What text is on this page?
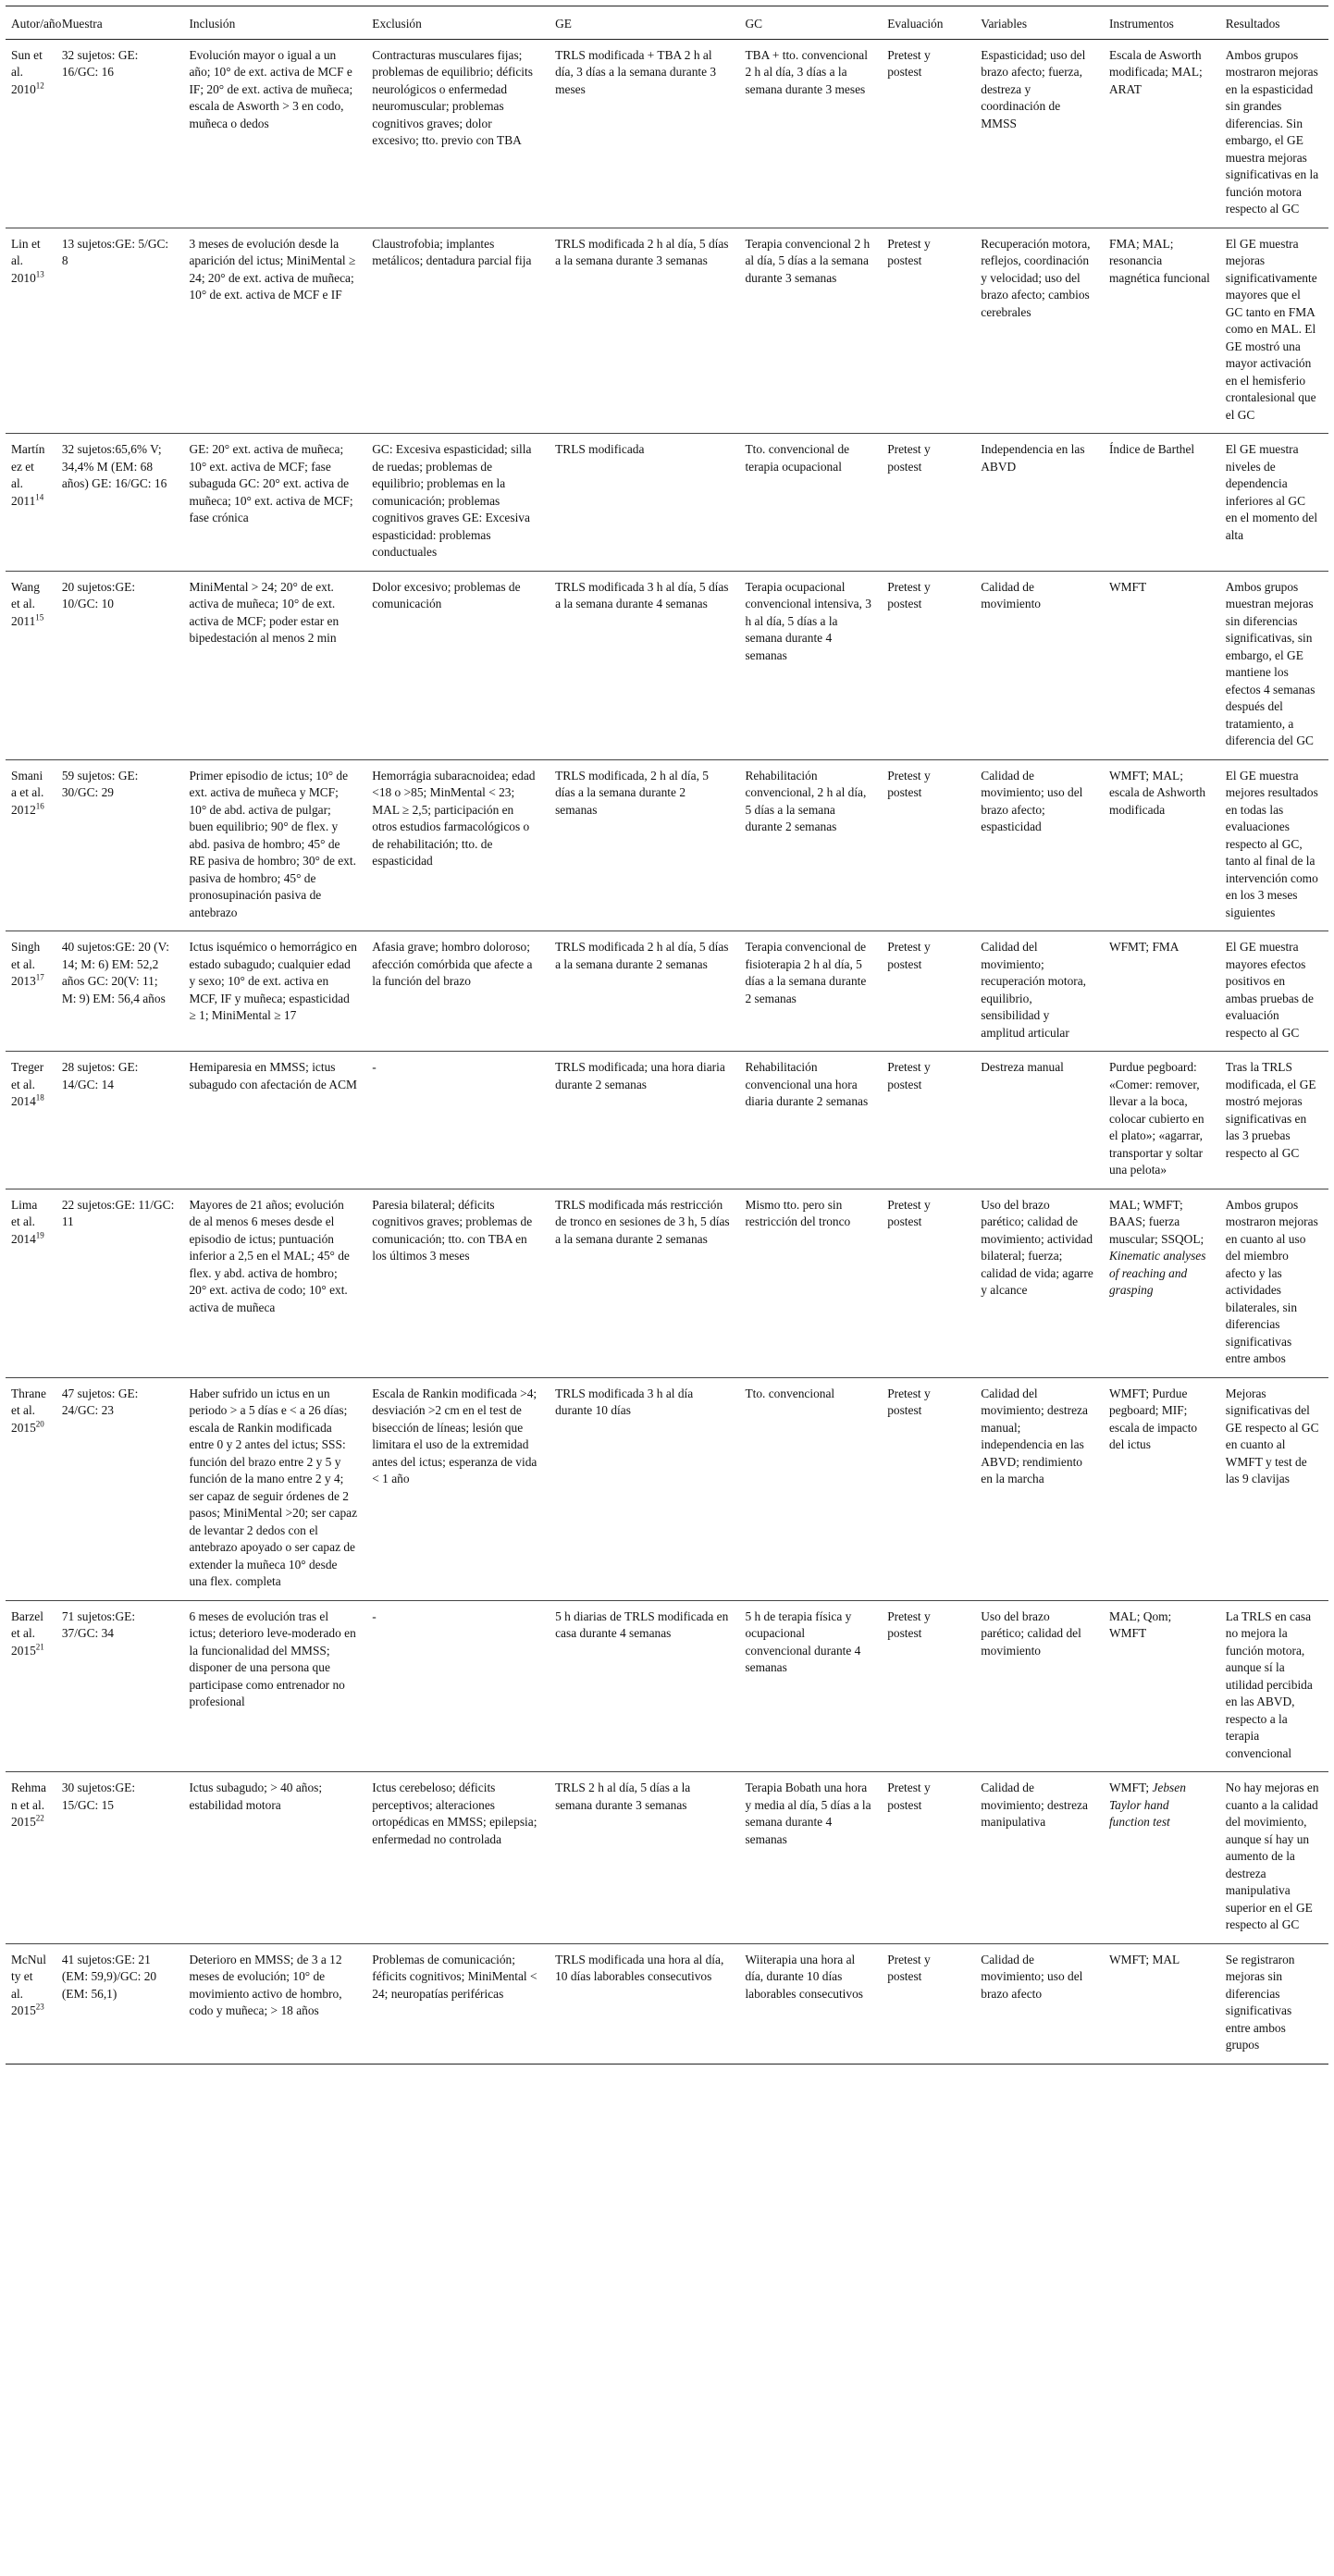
Autor/año	Muestra	Inclusión	Exclusión	GE	GC	Evaluación	Variables	Instrumentos	Resultados
Sun et al. 2010$^{12}$	32 sujetos: GE: 16/GC: 16	Evolución mayor o igual a un año; 10° de ext. activa de MCF e IF; 20° de ext. activa de muñeca; escala de Asworth > 3 en codo, muñeca o dedos	Contracturas musculares fijas; problemas de equilibrio; déficits neurológicos o enfermedad neuromuscular; problemas cognitivos graves; dolor excesivo; tto. previo con TBA	TRLS modificada + TBA 2 h al día, 3 días a la semana durante 3 meses	TBA + tto. convencional 2 h al día, 3 días a la semana durante 3 meses	Pretest y postest	Espasticidad; uso del brazo afecto; fuerza, destreza y coordinación de MMSS	Escala de Asworth modificada; MAL; ARAT	Ambos grupos mostraron mejoras en la espasticidad sin grandes diferencias. Sin embargo, el GE muestra mejoras significativas en la función motora respecto al GC
Lin et al. 2010$^{13}$	13 sujetos:GE: 5/GC: 8	3 meses de evolución desde la aparición del ictus; MiniMental ≥ 24; 20° de ext. activa de muñeca; 10° de ext. activa de MCF e IF	Claustrofobia; implantes metálicos; dentadura parcial fija	TRLS modificada 2 h al día, 5 días a la semana durante 3 semanas	Terapia convencional 2 h al día, 5 días a la semana durante 3 semanas	Pretest y postest	Recuperación motora, reflejos, coordinación y velocidad; uso del brazo afecto; cambios cerebrales	FMA; MAL; resonancia magnética funcional	El GE muestra mejoras significativamente mayores que el GC tanto en FMA como en MAL. El GE mostró una mayor activación en el hemisferio crontalesional que el GC
Martínez et al. 2011$^{14}$	32 sujetos:65,6% V; 34,4% M (EM: 68 años) GE: 16/GC: 16	GE: 20° ext. activa de muñeca; 10° ext. activa de MCF; fase subaguda GC: 20° ext. activa de muñeca; 10° ext. activa de MCF; fase crónica	GC: Excesiva espasticidad; silla de ruedas; problemas de equilibrio; problemas en la comunicación; problemas cognitivos graves GE: Excesiva espasticidad: problemas conductuales	TRLS modificada	Tto. convencional de terapia ocupacional	Pretest y postest	Independencia en las ABVD	Índice de Barthel	El GE muestra niveles de dependencia inferiores al GC en el momento del alta
Wang et al. 2011$^{15}$	20 sujetos:GE: 10/GC: 10	MiniMental > 24; 20° de ext. activa de muñeca; 10° de ext. activa de MCF; poder estar en bipedestación al menos 2 min	Dolor excesivo; problemas de comunicación	TRLS modificada 3 h al día, 5 días a la semana durante 4 semanas	Terapia ocupacional convencional intensiva, 3 h al día, 5 días a la semana durante 4 semanas	Pretest y postest	Calidad de movimiento	WMFT	Ambos grupos muestran mejoras sin diferencias significativas, sin embargo, el GE mantiene los efectos 4 semanas después del tratamiento, a diferencia del GC
Smania et al. 2012$^{16}$	59 sujetos: GE: 30/GC: 29	Primer episodio de ictus; 10° de ext. activa de muñeca y MCF; 10° de abd. activa de pulgar; buen equilibrio; 90° de flex. y abd. pasiva de hombro; 45° de RE pasiva de hombro; 30° de ext. pasiva de hombro; 45° de pronosupinación pasiva de antebrazo	Hemorrágia subaracnoidea; edad <18 o >85; MinMental < 23; MAL ≥ 2,5; participación en otros estudios farmacológicos o de rehabilitación; tto. de espasticidad	TRLS modificada, 2 h al día, 5 días a la semana durante 2 semanas	Rehabilitación convencional, 2 h al día, 5 días a la semana durante 2 semanas	Pretest y postest	Calidad de movimiento; uso del brazo afecto; espasticidad	WMFT; MAL; escala de Ashworth modificada	El GE muestra mejores resultados en todas las evaluaciones respecto al GC, tanto al final de la intervención como en los 3 meses siguientes
Singh et al. 2013$^{17}$	40 sujetos:GE: 20 (V: 14; M: 6) EM: 52,2 años GC: 20(V: 11; M: 9) EM: 56,4 años	Ictus isquémico o hemorrágico en estado subagudo; cualquier edad y sexo; 10° de ext. activa en MCF, IF y muñeca; espasticidad ≥ 1; MiniMental ≥ 17	Afasia grave; hombro doloroso; afección comórbida que afecte a la función del brazo	TRLS modificada 2 h al día, 5 días a la semana durante 2 semanas	Terapia convencional de fisioterapia 2 h al día, 5 días a la semana durante 2 semanas	Pretest y postest	Calidad del movimiento; recuperación motora, equilibrio, sensibilidad y amplitud articular	WFMT; FMA	El GE muestra mayores efectos positivos en ambas pruebas de evaluación respecto al GC
Treger et al. 2014$^{18}$	28 sujetos: GE: 14/GC: 14	Hemiparesia en MMSS; ictus subagudo con afectación de ACM	-	TRLS modificada; una hora diaria durante 2 semanas	Rehabilitación convencional una hora diaria durante 2 semanas	Pretest y postest	Destreza manual	Purdue pegboard: «Comer: remover, llevar a la boca, colocar cubierto en el plato»; «agarrar, transportar y soltar una pelota»	Tras la TRLS modificada, el GE mostró mejoras significativas en las 3 pruebas respecto al GC
Lima et al. 2014$^{19}$	22 sujetos:GE: 11/GC: 11	Mayores de 21 años; evolución de al menos 6 meses desde el episodio de ictus; puntuación inferior a 2,5 en el MAL; 45° de flex. y abd. activa de hombro; 20° ext. activa de codo; 10° ext. activa de muñeca	Paresia bilateral; déficits cognitivos graves; problemas de comunicación; tto. con TBA en los últimos 3 meses	TRLS modificada más restricción de tronco en sesiones de 3 h, 5 días a la semana durante 2 semanas	Mismo tto. pero sin restricción del tronco	Pretest y postest	Uso del brazo parético; calidad de movimiento; actividad bilateral; fuerza; calidad de vida; agarre y alcance	MAL; WMFT; BAAS; fuerza muscular; SSQOL; Kinematic analyses of reaching and grasping	Ambos grupos mostraron mejoras en cuanto al uso del miembro afecto y las actividades bilaterales, sin diferencias significativas entre ambos
Thrane et al. 2015$^{20}$	47 sujetos: GE: 24/GC: 23	Haber sufrido un ictus en un periodo > a 5 días e < a 26 días; escala de Rankin modificada entre 0 y 2 antes del ictus; SSS: función del brazo entre 2 y 5 y función de la mano entre 2 y 4; ser capaz de seguir órdenes de 2 pasos; MiniMental >20; ser capaz de levantar 2 dedos con el antebrazo apoyado o ser capaz de extender la muñeca 10° desde una flex. completa	Escala de Rankin modificada >4; desviación >2 cm en el test de bisección de líneas; lesión que limitara el uso de la extremidad antes del ictus; esperanza de vida < 1 año	TRLS modificada 3 h al día durante 10 días	Tto. convencional	Pretest y postest	Calidad del movimiento; destreza manual; independencia en las ABVD; rendimiento en la marcha	WMFT; Purdue pegboard; MIF; escala de impacto del ictus	Mejoras significativas del GE respecto al GC en cuanto al WMFT y test de las 9 clavijas
Barzel et al. 2015$^{21}$	71 sujetos:GE: 37/GC: 34	6 meses de evolución tras el ictus; deterioro leve-moderado en la funcionalidad del MMSS; disponer de una persona que participase como entrenador no profesional	-	5 h diarias de TRLS modificada en casa durante 4 semanas	5 h de terapia física y ocupacional convencional durante 4 semanas	Pretest y postest	Uso del brazo parético; calidad del movimiento	MAL; Qom; WMFT	La TRLS en casa no mejora la función motora, aunque sí la utilidad percibida en las ABVD, respecto a la terapia convencional
Rehman et al. 2015$^{22}$	30 sujetos:GE: 15/GC: 15	Ictus subagudo; > 40 años; estabilidad motora	Ictus cerebeloso; déficits perceptivos; alteraciones ortopédicas en MMSS; epilepsia; enfermedad no controlada	TRLS 2 h al día, 5 días a la semana durante 3 semanas	Terapia Bobath una hora y media al día, 5 días a la semana durante 4 semanas	Pretest y postest	Calidad de movimiento; destreza manipulativa	WMFT; Jebsen Taylor hand function test	No hay mejoras en cuanto a la calidad del movimiento, aunque sí hay un aumento de la destreza manipulativa superior en el GE respecto al GC
McNulty et al. 2015$^{23}$	41 sujetos:GE: 21 (EM: 59,9)/GC: 20 (EM: 56,1)	Deterioro en MMSS; de 3 a 12 meses de evolución; 10° de movimiento activo de hombro, codo y muñeca; > 18 años	Problemas de comunicación; féficits cognitivos; MiniMental < 24; neuropatías periféricas	TRLS modificada una hora al día, 10 días laborables consecutivos	Wiiterapia una hora al día, durante 10 días laborables consecutivos	Pretest y postest	Calidad de movimiento; uso del brazo afecto	WMFT; MAL	Se registraron mejoras sin diferencias significativas entre ambos grupos
